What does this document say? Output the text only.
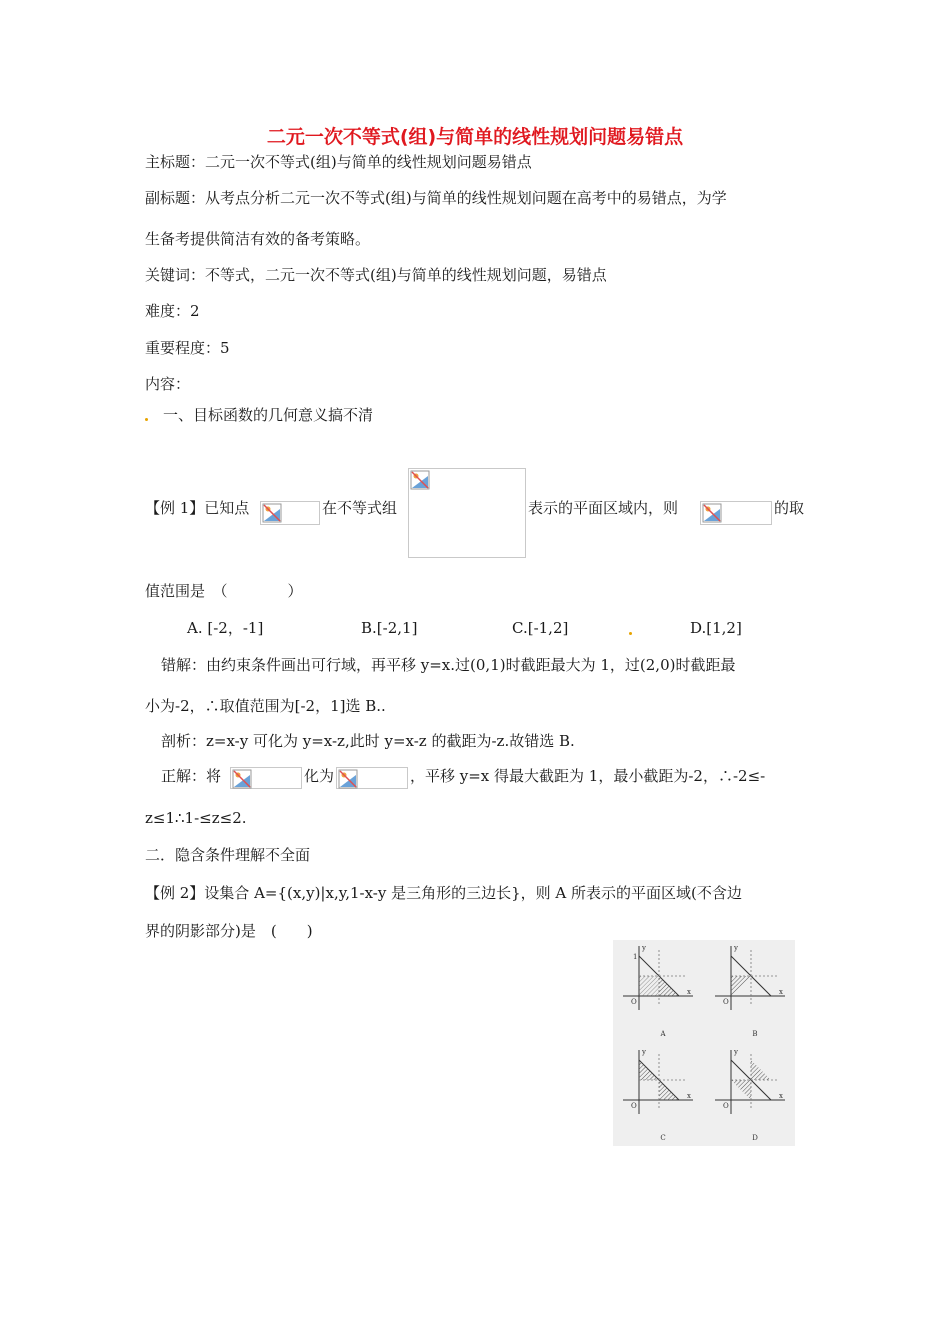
二元一次不等式(组)与简单的线性规划问题易错点
主标题：二元一次不等式(组)与简单的线性规划问题易错点
副标题：从考点分析二元一次不等式(组)与简单的线性规划问题在高考中的易错点，为学
生备考提供简洁有效的备考策略。
关键词：不等式，二元一次不等式(组)与简单的线性规划问题，易错点
难度：2
重要程度：5
内容：
一、目标函数的几何意义搞不清
【例 1】已知点	在不等式组	表示的平面区域内，则	的取
值范围是　（　　　　）
A. [-2，-1]	B.[-2,1]	C.[-1,2]	D.[1,2]
错解：由约束条件画出可行域，再平移 y=x.过(0,1)时截距最大为 1，过(2,0)时截距最
小为-2，∴取值范围为[-2，1]选 B..
剖析：z=x-y 可化为 y=x-z,此时 y=x-z 的截距为-z.故错选 B.
正解：将	化为	，平移 y=x 得最大截距为 1，最小截距为-2，∴-2≤-
z≤1∴1-≤z≤2.
二．隐含条件理解不全面
【例 2】设集合 A={(x,y)|x,y,1-x-y 是三角形的三边长}，则 A 所表示的平面区域(不含边
界的阴影部分)是　(　　)
y
x
O
1
y
x
O
y
x
O
y
x
O
A	B
C	D
